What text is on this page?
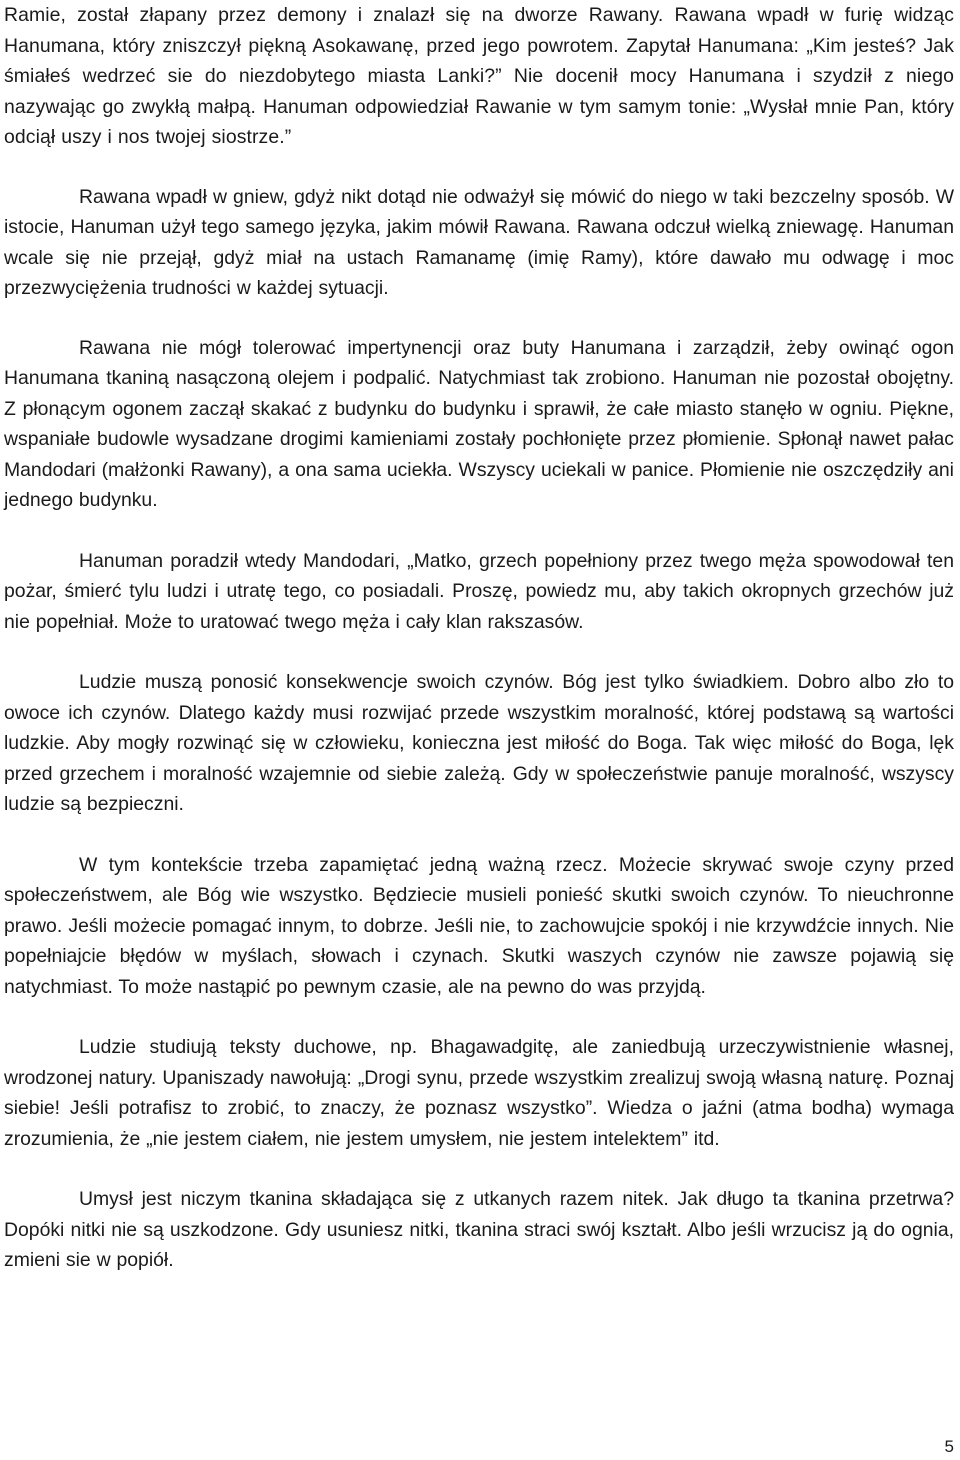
Ramie, został złapany przez demony i znalazł się na dworze Rawany. Rawana wpadł w furię widząc Hanumana, który zniszczył piękną Asokawanę, przed jego powrotem. Zapytał Hanumana: „Kim jesteś? Jak śmiałeś wedrzeć sie do niezdobytego miasta Lanki?” Nie docenił mocy Hanumana i szydził z niego nazywając go zwykłą małpą. Hanuman odpowiedział Rawanie w tym samym tonie: „Wysłał mnie Pan, który odciął uszy i nos twojej siostrze.”

Rawana wpadł w gniew, gdyż nikt dotąd nie odważył się mówić do niego w taki bezczelny sposób. W istocie, Hanuman użył tego samego języka, jakim mówił Rawana. Rawana odczuł wielką zniewagę. Hanuman wcale się nie przejął, gdyż miał na ustach Ramanamę (imię Ramy), które dawało mu odwagę i moc przezwyciężenia trudności w każdej sytuacji.

Rawana nie mógł tolerować impertynencji oraz buty Hanumana i zarządził, żeby owinąć ogon Hanumana tkaniną nasączoną olejem i podpalić. Natychmiast tak zrobiono. Hanuman nie pozostał obojętny. Z płonącym ogonem zaczął skakać z budynku do budynku i sprawił, że całe miasto stanęło w ogniu. Piękne, wspaniałe budowle wysadzane drogimi kamieniami zostały pochłonięte przez płomienie. Spłonął nawet pałac Mandodari (małżonki Rawany), a ona sama uciekła. Wszyscy uciekali w panice. Płomienie nie oszczędziły ani jednego budynku.

Hanuman poradził wtedy Mandodari, „Matko, grzech popełniony przez twego męża spowodował ten pożar, śmierć tylu ludzi i utratę tego, co posiadali. Proszę, powiedz mu, aby takich okropnych grzechów już nie popełniał. Może to uratować twego męża i cały klan rakszasów.

Ludzie muszą ponosić konsekwencje swoich czynów. Bóg jest tylko świadkiem. Dobro albo zło to owoce ich czynów. Dlatego każdy musi rozwijać przede wszystkim moralność, której podstawą są wartości ludzkie. Aby mogły rozwinąć się w człowieku, konieczna jest miłość do Boga. Tak więc miłość do Boga, lęk przed grzechem i moralność wzajemnie od siebie zależą. Gdy w społeczeństwie panuje moralność, wszyscy ludzie są bezpieczni.

W tym kontekście trzeba zapamiętać jedną ważną rzecz. Możecie skrywać swoje czyny przed społeczeństwem, ale Bóg wie wszystko. Będziecie musieli ponieść skutki swoich czynów. To nieuchronne prawo. Jeśli możecie pomagać innym, to dobrze. Jeśli nie, to zachowujcie spokój i nie krzywdźcie innych. Nie popełniajcie błędów w myślach, słowach i czynach. Skutki waszych czynów nie zawsze pojawią się natychmiast. To może nastąpić po pewnym czasie, ale na pewno do was przyjdą.

Ludzie studiują teksty duchowe, np. Bhagawadgitę, ale zaniedbują urzeczywistnienie własnej, wrodzonej natury. Upaniszady nawołują: „Drogi synu, przede wszystkim zrealizuj swoją własną naturę. Poznaj siebie! Jeśli potrafisz to zrobić, to znaczy, że poznasz wszystko”. Wiedza o jaźni (atma bodha) wymaga zrozumienia, że „nie jestem ciałem, nie jestem umysłem, nie jestem intelektem” itd.

Umysł jest niczym tkanina składająca się z utkanych razem nitek. Jak długo ta tkanina przetrwa? Dopóki nitki nie są uszkodzone. Gdy usuniesz nitki, tkanina straci swój kształt. Albo jeśli wrzucisz ją do ognia, zmieni sie w popiół.

5
